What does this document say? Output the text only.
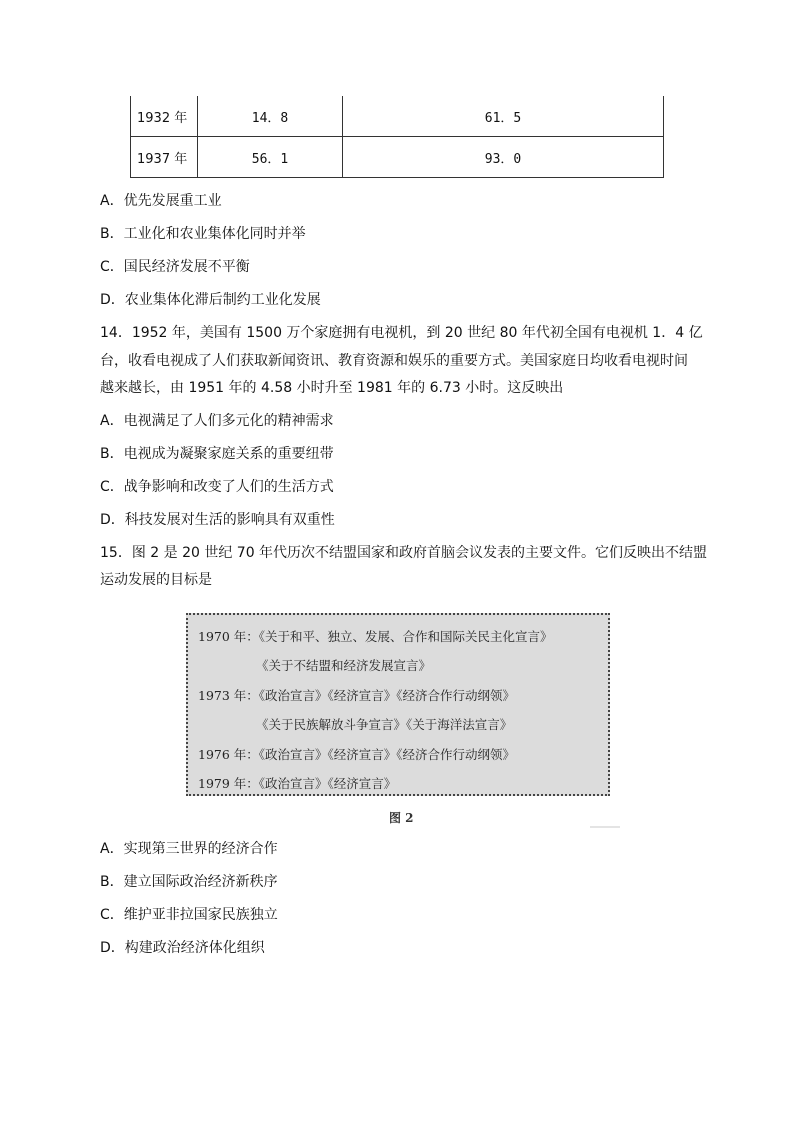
1932 年	14．8	61．5
1937 年	56．1	93．0
A．优先发展重工业
B．工业化和农业集体化同时并举
C．国民经济发展不平衡
D．农业集体化滞后制约工业化发展
14．1952 年，美国有 1500 万个家庭拥有电视机，到 20 世纪 80 年代初全国有电视机 1．4 亿
台，收看电视成了人们获取新闻资讯、教育资源和娱乐的重要方式。美国家庭日均收看电视时间
越来越长，由 1951 年的 4.58 小时升至 1981 年的 6.73 小时。这反映出
A．电视满足了人们多元化的精神需求
B．电视成为凝聚家庭关系的重要纽带
C．战争影响和改变了人们的生活方式
D．科技发展对生活的影响具有双重性
15．图 2 是 20 世纪 70 年代历次不结盟国家和政府首脑会议发表的主要文件。它们反映出不结盟
运动发展的目标是
1970 年：《关于和平、独立、发展、合作和国际关民主化宣言》
《关于不结盟和经济发展宣言》
1973 年：《政治宣言》《经济宣言》《经济合作行动纲领》
《关于民族解放斗争宣言》《关于海洋法宣言》
1976 年：《政治宣言》《经济宣言》《经济合作行动纲领》
1979 年：《政治宣言》《经济宣言》
图 2
A．实现第三世界的经济合作
B．建立国际政治经济新秩序
C．维护亚非拉国家民族独立
D．构建政治经济体化组织
